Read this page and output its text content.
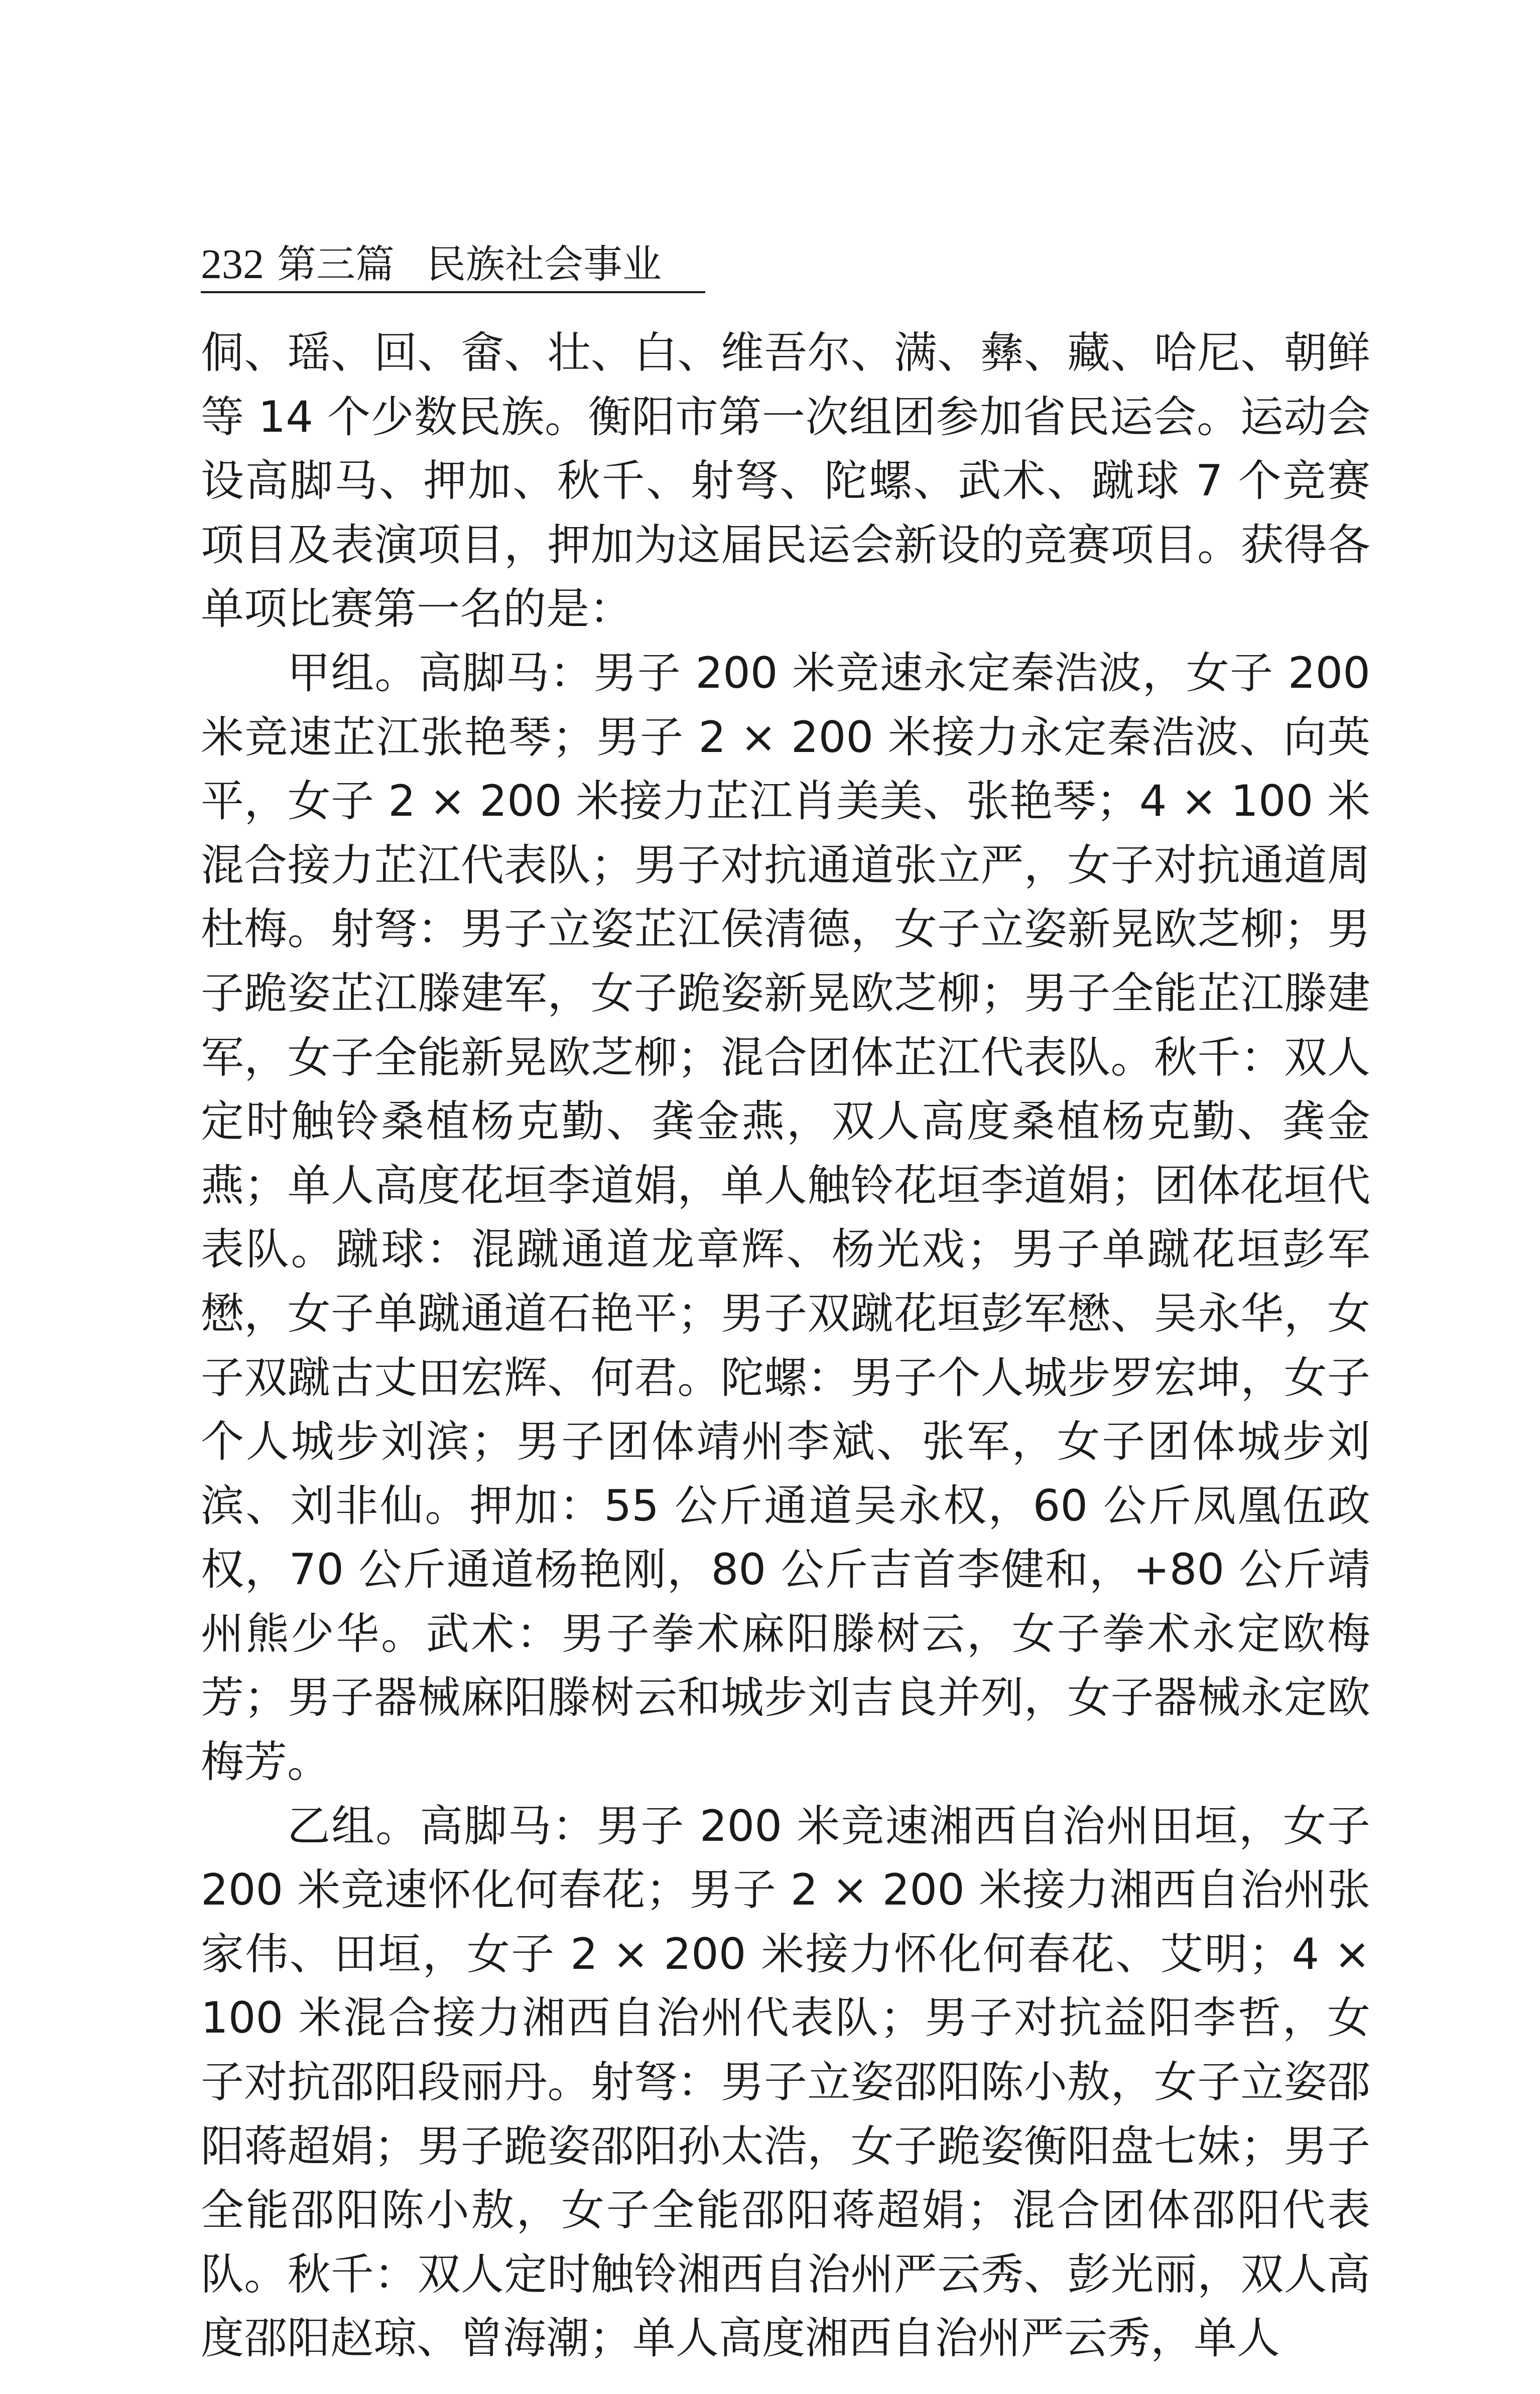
232 第三篇 民族社会事业

侗、瑶、回、畲、壮、白、维吾尔、满、彝、藏、哈尼、朝鲜等 14 个少数民族。衡阳市第一次组团参加省民运会。运动会设高脚马、押加、秋千、射弩、陀螺、武术、蹴球 7 个竞赛项目及表演项目，押加为这届民运会新设的竞赛项目。获得各单项比赛第一名的是：

甲组。高脚马：男子 200 米竞速永定秦浩波，女子 200 米竞速芷江张艳琴；男子 2 × 200 米接力永定秦浩波、向英平，女子 2 × 200 米接力芷江肖美美、张艳琴；4 × 100 米混合接力芷江代表队；男子对抗通道张立严，女子对抗通道周杜梅。射弩：男子立姿芷江侯清德，女子立姿新晃欧芝柳；男子跪姿芷江滕建军，女子跪姿新晃欧芝柳；男子全能芷江滕建军，女子全能新晃欧芝柳；混合团体芷江代表队。秋千：双人定时触铃桑植杨克勤、龚金燕，双人高度桑植杨克勤、龚金燕；单人高度花垣李道娟，单人触铃花垣李道娟；团体花垣代表队。蹴球：混蹴通道龙章辉、杨光戏；男子单蹴花垣彭军懋，女子单蹴通道石艳平；男子双蹴花垣彭军懋、吴永华，女子双蹴古丈田宏辉、何君。陀螺：男子个人城步罗宏坤，女子个人城步刘滨；男子团体靖州李斌、张军，女子团体城步刘滨、刘非仙。押加：55 公斤通道吴永权，60 公斤凤凰伍政权，70 公斤通道杨艳刚，80 公斤吉首李健和，+80 公斤靖州熊少华。武术：男子拳术麻阳滕树云，女子拳术永定欧梅芳；男子器械麻阳滕树云和城步刘吉良并列，女子器械永定欧梅芳。

乙组。高脚马：男子 200 米竞速湘西自治州田垣，女子 200 米竞速怀化何春花；男子 2 × 200 米接力湘西自治州张家伟、田垣，女子 2 × 200 米接力怀化何春花、艾明；4 × 100 米混合接力湘西自治州代表队；男子对抗益阳李哲，女子对抗邵阳段丽丹。射弩：男子立姿邵阳陈小敖，女子立姿邵阳蒋超娟；男子跪姿邵阳孙太浩，女子跪姿衡阳盘七妹；男子全能邵阳陈小敖，女子全能邵阳蒋超娟；混合团体邵阳代表队。秋千：双人定时触铃湘西自治州严云秀、彭光丽，双人高度邵阳赵琼、曾海潮；单人高度湘西自治州严云秀，单人
